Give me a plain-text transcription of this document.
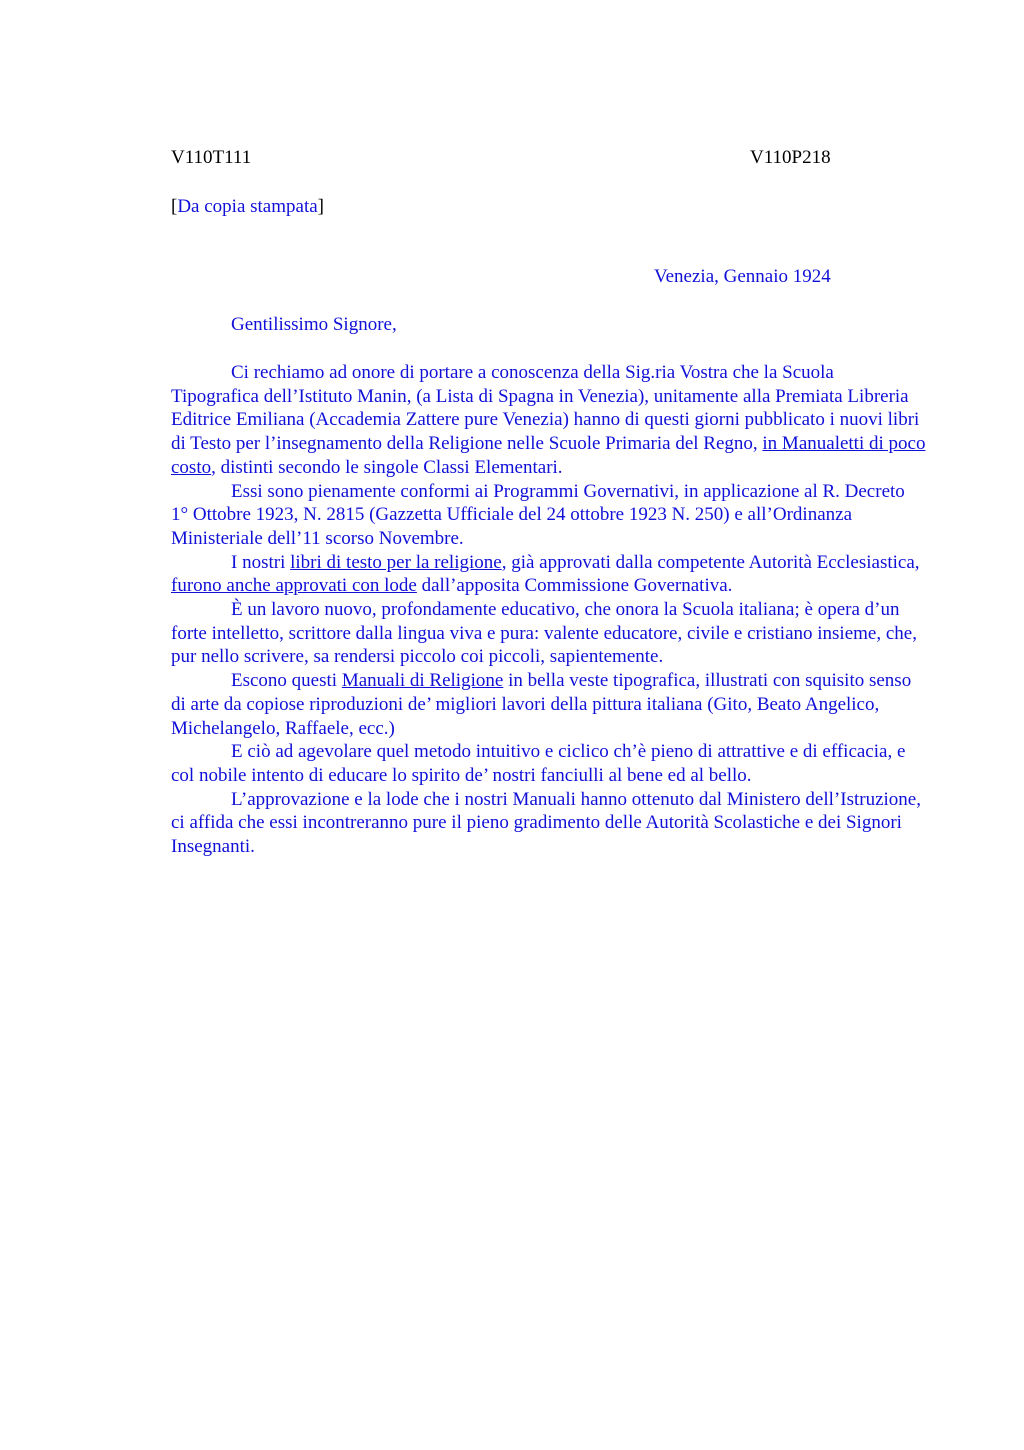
V110T111	V110P218
[Da copia stampata]
Venezia, Gennaio 1924
Gentilissimo Signore,

Ci rechiamo ad onore di portare a conoscenza della Sig.ria Vostra che la Scuola Tipografica dell’Istituto Manin, (a Lista di Spagna in Venezia), unitamente alla Premiata Libreria Editrice Emiliana (Accademia Zattere pure Venezia) hanno di questi giorni pubblicato i nuovi libri di Testo per l’insegnamento della Religione nelle Scuole Primaria del Regno, in Manualetti di poco costo, distinti secondo le singole Classi Elementari.

Essi sono pienamente conformi ai Programmi Governativi, in applicazione al R. Decreto 1° Ottobre 1923, N. 2815 (Gazzetta Ufficiale del 24 ottobre 1923 N. 250) e all’Ordinanza Ministeriale dell’11 scorso Novembre.

I nostri libri di testo per la religione, già approvati dalla competente Autorità Ecclesiastica, furono anche approvati con lode dall’apposita Commissione Governativa.

È un lavoro nuovo, profondamente educativo, che onora la Scuola italiana; è opera d’un forte intelletto, scrittore dalla lingua viva e pura: valente educatore, civile e cristiano insieme, che, pur nello scrivere, sa rendersi piccolo coi piccoli, sapientemente.

Escono questi Manuali di Religione in bella veste tipografica, illustrati con squisito senso di arte da copiose riproduzioni de’ migliori lavori della pittura italiana (Gito, Beato Angelico, Michelangelo, Raffaele, ecc.)

E ciò ad agevolare quel metodo intuitivo e ciclico ch’è pieno di attrattive e di efficacia, e col nobile intento di educare lo spirito de’ nostri fanciulli al bene ed al bello.

L’approvazione e la lode che i nostri Manuali hanno ottenuto dal Ministero dell’Istruzione, ci affida che essi incontreranno pure il pieno gradimento delle Autorità Scolastiche e dei Signori Insegnanti.
